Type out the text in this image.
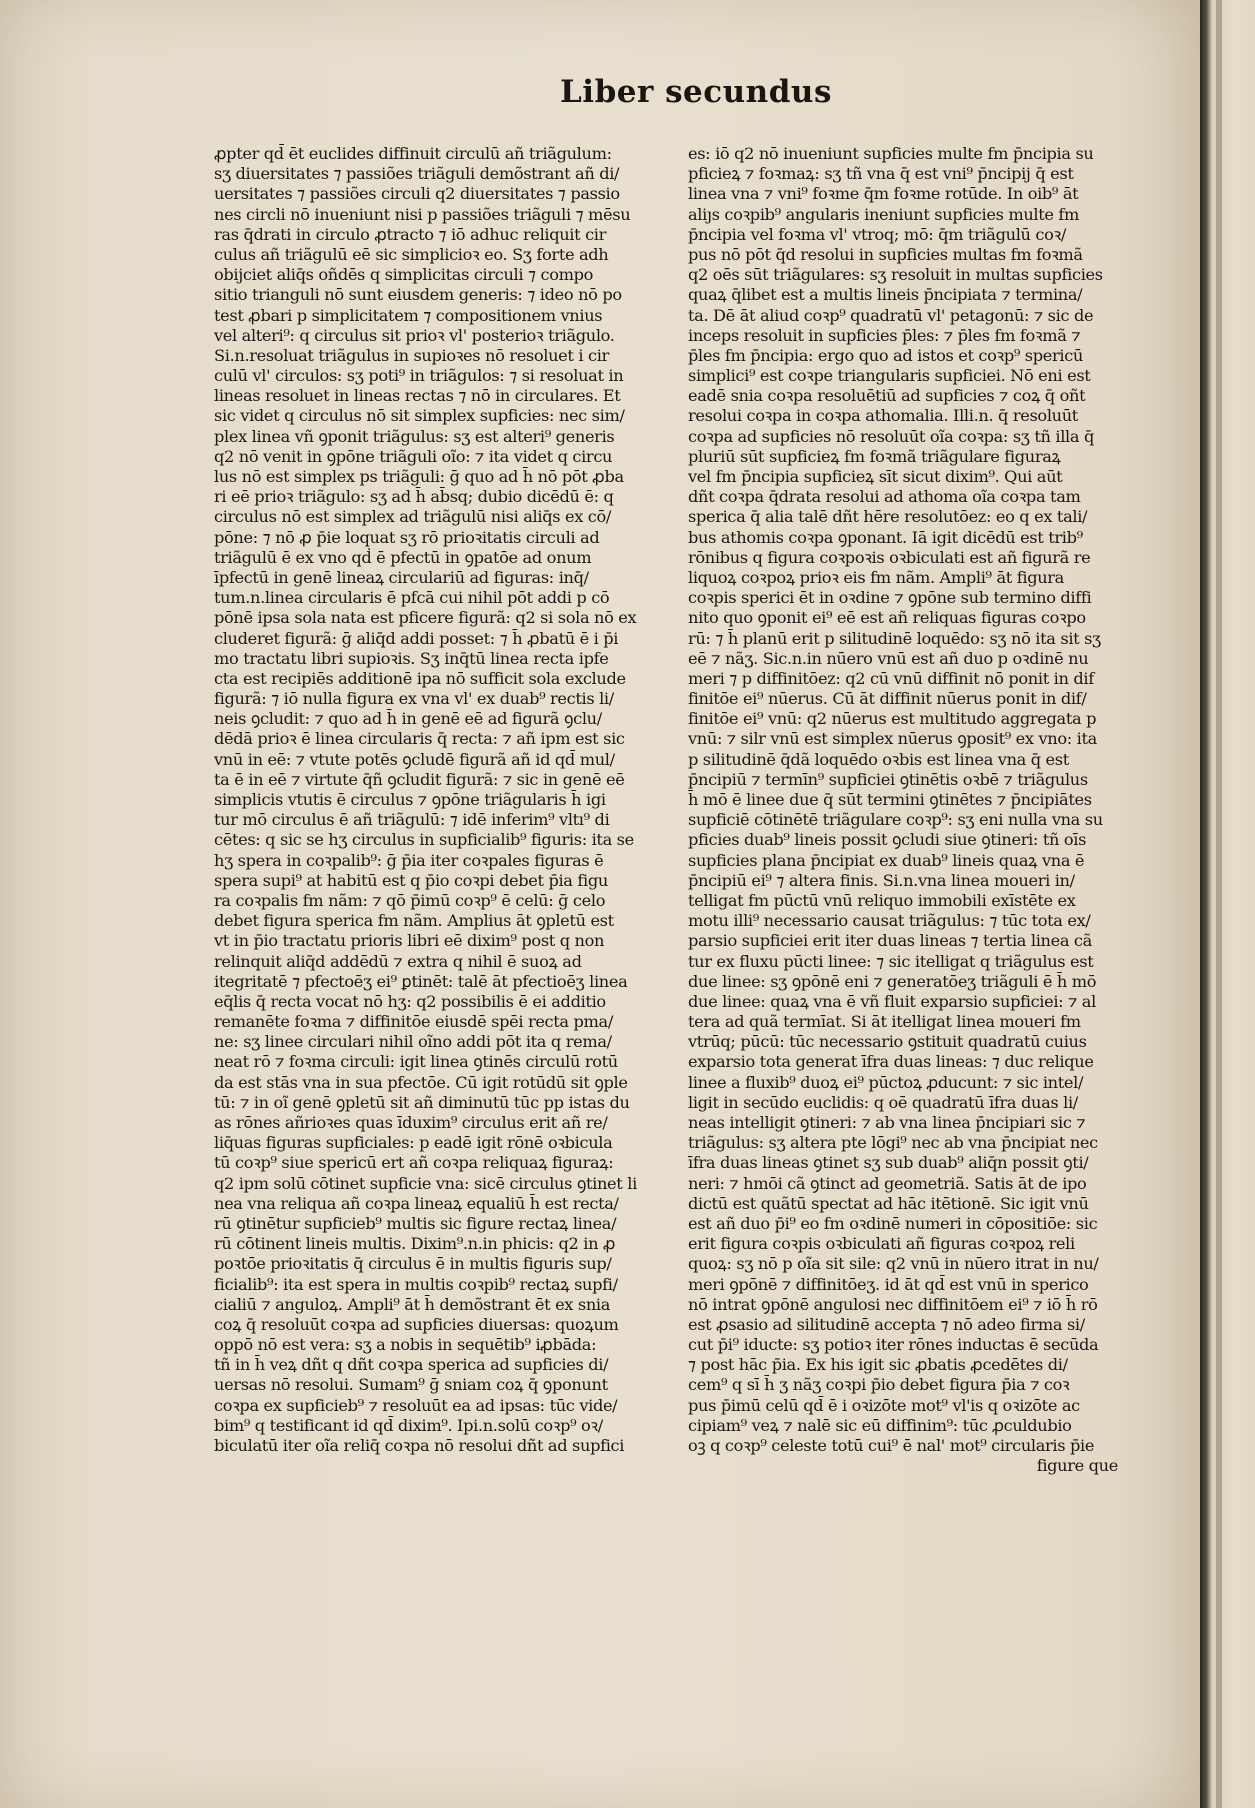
Liber secundus
ꝓpter qd̄ ēt euclides diffinuit circulū añ triãgulum:
sʒ diuersitates ⁊ passiões triãguli demõstrant añ di/
uersitates ⁊ passiões circuli q2 diuersitates ⁊ passio
nes circli nō inueniunt nisi p passiões triãguli ⁊ mēsu
ras q̄drati in circulo ꝓtracto ⁊ iō adhuc reliquit cir
culus añ triãgulū eē sic simplicioꝛ eo. Sʒ forte adh
obijciet aliq̄s oñdēs q simplicitas circuli ⁊ compo
sitio trianguli nō sunt eiusdem generis: ⁊ ideo nō po
test ꝓbari p simplicitatem ⁊ compositionem vnius
vel alteri⁹: q circulus sit prioꝛ vl' posterioꝛ triãgulo.
Si.n.resoluat triãgulus in supioꝛes nō resoluet i cir
culū vl' circulos: sʒ poti⁹ in triãgulos: ⁊ si resoluat in
lineas resoluet in lineas rectas ⁊ nō in circulares. Et
sic videt q circulus nō sit simplex supficies: nec sim/
plex linea vñ ꝯponit triãgulus: sʒ est alteri⁹ generis
q2 nō venit in ꝯpōne triãguli oĩo: ⁊ ita videt q circu
lus nō est simplex ps triãguli: ḡ quo ad h̄ nō pōt ꝓba
ri eē prioꝛ triãgulo: sʒ ad h̄ ab̄sq; dubio dicēdū ē: q
circulus nō est simplex ad triãgulū nisi aliq̄s ex cō/
pōne: ⁊ nō ꝓ p̄ie loquat sʒ rō prioꝛitatis circuli ad
triãgulū ē ex vno qḋ ē pfectū in ꝯpatōe ad onum
īpfectū in genē lineaꝝ circulariū ad figuras: inq̄/
tum.n.linea circularis ē pfcā cui nihil pōt addi p cō
pōnē ipsa sola nata est pficere figurã: q2 si sola nō ex
cluderet figurã: ḡ aliq̄d addi posset: ⁊ h̄ ꝓbatū ē i p̄i
mo tractatu libri supioꝛis. Sʒ inq̄tū linea recta ipfe
cta est recipiēs additionē ipa nō sufficit sola exclude
figurã: ⁊ iō nulla figura ex vna vl' ex duab⁹ rectis li/
neis ꝯcludit: ⁊ quo ad h̄ in genē eē ad figurã ꝯclu/
dēdā prioꝛ ē linea circularis q̄ recta: ⁊ añ ipm est sic
vnū in eē: ⁊ vtute potēs ꝯcludē figurã añ id qd̄ mul/
ta ē in eē ⁊ virtute q̄ñ ꝯcludit figurã: ⁊ sic in genē eē
simplicis vtutis ē circulus ⁊ ꝯpōne triãgularis h̄ igi
tur mō circulus ē añ triãgulū: ⁊ idē inferim⁹ vltı⁹ di
cētes: q sic se hʒ circulus in supficialib⁹ figuris: ita se
hʒ spera in coꝛpalib⁹: ḡ p̄ia iter coꝛpales figuras ē
spera supi⁹ at habitū est q p̄io coꝛpi debet p̄ia figu
ra coꝛpalis fm nãm: ⁊ qō p̄imū coꝛp⁹ ē celū: ḡ celo
debet figura sperica fm nãm. Amplius āt ꝯpletū est
vt in p̄io tractatu prioris libri eē dixim⁹ post q non
relinquit aliq̄d addēdū ⁊ extra q nihil ē suoꝝ ad
itegritatē ⁊ pfectoēʒ ei⁹ ꝑtinēt: talē āt pfectioēʒ linea
eq̄lis q̄ recta vocat nō hʒ: q2 possibilis ē ei additio
remanēte foꝛma ⁊ diffinitōe eiusdē spēi recta pma/
ne: sʒ linee circulari nihil oĩno addi pōt ita q rema/
neat rō ⁊ foꝛma circuli: igit linea ꝯtinēs circulū rotū
da est stās vna in sua pfectōe. Cū igit rotūdū sit ꝯple
tū: ⁊ in oĩ genē ꝯpletū sit añ diminutū tūc pp istas du
as rōnes añrioꝛes quas īduxim⁹ circulus erit añ re/
liq̄uas figuras supficiales: p eadē igit rōnē oꝛbicula
tū coꝛp⁹ siue spericū ert añ coꝛpa reliquaꝝ figuraꝝ:
q2 ipm solū cōtinet supficie vna: sicē circulus ꝯtinet li
nea vna reliqua añ coꝛpa lineaꝝ equaliū h̄ est recta/
rū ꝯtinētur supficieb⁹ multis sic figure rectaꝝ linea/
rū cōtinent lineis multis. Dixim⁹.n.in phicis: q2 in ꝓ
poꝛtōe prioꝛitatis q̄ circulus ē in multis figuris sup/
ficialib⁹: ita est spera in multis coꝛpib⁹ rectaꝝ supfi/
cialiū ⁊ anguloꝝ. Ampli⁹ āt h̄ demõstrant ēt ex snia
coꝝ q̄ resoluūt coꝛpa ad supficies diuersas: quoꝝum
oppō nō est vera: sʒ a nobis in sequētib⁹ iꝓbāda:
tñ in h̄ veꝝ dñt q dñt coꝛpa sperica ad supficies di/
uersas nō resolui. Sumam⁹ ḡ sniam coꝝ q̄ ꝯponunt
coꝛpa ex supficieb⁹ ⁊ resoluūt ea ad ipsas: tūc vide/
bim⁹ q testificant id qd̄ dixim⁹. Ipi.n.solū coꝛp⁹ oꝛ/
biculatū iter oĩa reliq̄ coꝛpa nō resolui dñt ad supfici
es: iō q2 nō inueniunt supficies multe fm p̄ncipia su
pficieꝝ ⁊ foꝛmaꝝ: sʒ tñ vna q̄ est vni⁹ p̄ncipij q̄ est
linea vna ⁊ vni⁹ foꝛme q̄m foꝛme rotūde. In oib⁹ āt
aliȷs coꝛpib⁹ angularis ineniunt supficies multe fm
p̄ncipia vel foꝛma vl' vtroq; mō: q̄m triãgulū coꝛ/
pus nō pōt q̄d resolui in supficies multas fm foꝛmã
q2 oēs sūt triãgulares: sʒ resoluit in multas supficies
quaꝝ q̄libet est a multis lineis p̄ncipiata ⁊ termina/
ta. Dē āt aliud coꝛp⁹ quadratū vl' petagonū: ⁊ sic de
inceps resoluit in supficies p̄les: ⁊ p̄les fm foꝛmã ⁊
p̄les fm p̄ncipia: ergo quo ad istos et coꝛp⁹ spericū
simplici⁹ est coꝛpe triangularis supficiei. Nō eni est
eadē snia coꝛpa resoluētiū ad supficies ⁊ coꝝ q̄ oñt
resolui coꝛpa in coꝛpa athomalia. Illi.n. q̄ resoluūt
coꝛpa ad supficies nō resoluūt oĩa coꝛpa: sʒ tñ illa q̄
pluriū sūt supficieꝝ fm foꝛmã triãgulare figuraꝝ
vel fm p̄ncipia supficieꝝ sīt sicut dixim⁹. Qui aūt
dñt coꝛpa q̄drata resolui ad athoma oĩa coꝛpa tam
sperica q̄ alia talē dñt hēre resolutōez: eo q ex tali/
bus athomis coꝛpa ꝯponant. Iā igit dicēdū est trib⁹
rōnibus q figura coꝛpoꝛis oꝛbiculati est añ figurã re
liquoꝝ coꝛpoꝝ prioꝛ eis fm nãm. Ampli⁹ āt figura
coꝛpis sperici ēt in oꝛdine ⁊ ꝯpōne sub termino diffi
nito quo ꝯponit ei⁹ eē est añ reliquas figuras coꝛpo
rū: ⁊ h̄ planū erit p silitudinē loquēdo: sʒ nō ita sit sʒ
eē ⁊ nãʒ. Sic.n.in nūero vnū est añ duo p oꝛdinē nu
meri ⁊ p diffinitōez: q2 cū vnū diffinit nō ponit in dif
finitōe ei⁹ nūerus. Cū āt diffinit nūerus ponit in dif/
finitōe ei⁹ vnū: q2 nūerus est multitudo aggregata p
vnū: ⁊ silr vnū est simplex nūerus ꝯposit⁹ ex vno: ita
p silitudinē q̄dã loquēdo oꝛbis est linea vna q̄ est
p̄ncipiū ⁊ termīn⁹ supficiei ꝯtinētis oꝛbē ⁊ triãgulus
h̄ mō ē linee due q̄ sūt termini ꝯtinētes ⁊ p̄ncipiātes
supficiē cōtinētē triãgulare coꝛp⁹: sʒ eni nulla vna su
pficies duab⁹ lineis possit ꝯcludi siue ꝯtineri: tñ oīs
supficies plana p̄ncipiat ex duab⁹ lineis quaꝝ vna ē
p̄ncipiū ei⁹ ⁊ altera finis. Si.n.vna linea moueri in/
telligat fm pūctū vnū reliquo immobili exīstēte ex
motu illi⁹ necessario causat triãgulus: ⁊ tūc tota ex/
parsio supficiei erit iter duas lineas ⁊ tertia linea cã
tur ex fluxu pūcti linee: ⁊ sic itelligat q triãgulus est
due linee: sʒ ꝯpōnē eni ⁊ generatōeʒ triãguli ē h̄ mō
due linee: quaꝝ vna ē vñ fluit exparsio supficiei: ⁊ al
tera ad quã termīat. Si āt itelligat linea moueri fm
vtrūq; pūcū: tūc necessario ꝯstituit quadratū cuius
exparsio tota generat īfra duas lineas: ⁊ duc relique
linee a fluxib⁹ duoꝝ ei⁹ pūctoꝝ ꝓducunt: ⁊ sic intel/
ligit in secūdo euclidis: q oē quadratū īfra duas li/
neas intelligit ꝯtineri: ⁊ ab vna linea p̄ncipiari sic ⁊
triãgulus: sʒ altera pte lōgi⁹ nec ab vna p̄ncipiat nec
īfra duas lineas ꝯtinet sʒ sub duab⁹ aliq̄n possit ꝯti/
neri: ⁊ hmōi cã ꝯtinct ad geometriã. Satis āt de ipo
dictū est quãtū spectat ad hāc itētionē. Sic igit vnū
est añ duo p̄i⁹ eo fm oꝛdinē numeri in cōpositiōe: sic
erit figura coꝛpis oꝛbiculati añ figuras coꝛpoꝝ reli
quoꝝ: sʒ nō p oĩa sit sile: q2 vnū in nūero itrat in nu/
meri ꝯpōnē ⁊ diffinitōeʒ. id āt qd̄ est vnū in sperico
nō intrat ꝯpōnē angulosi nec diffinitōem ei⁹ ⁊ iō h̄ rō
est ꝓsasio ad silitudinē accepta ⁊ nō adeo firma si/
cut p̄i⁹ iducte: sʒ potioꝛ iter rōnes inductas ē secūda
⁊ post hāc p̄ia. Ex his igit sic ꝓbatis ꝓcedētes di/
cem⁹ q sī h̄ ʒ nãʒ coꝛpi p̄io debet figura p̄ia ⁊ coꝛ
pus p̄imū celū qd̄ ē i oꝛizōte mot⁹ vl'is q oꝛizōte ac
cipiam⁹ veꝝ ⁊ nalē sic eū diffinim⁹: tūc ꝓculdubio
oꝫ q coꝛp⁹ celeste totū cui⁹ ē nal' mot⁹ circularis p̄ie
figure que
